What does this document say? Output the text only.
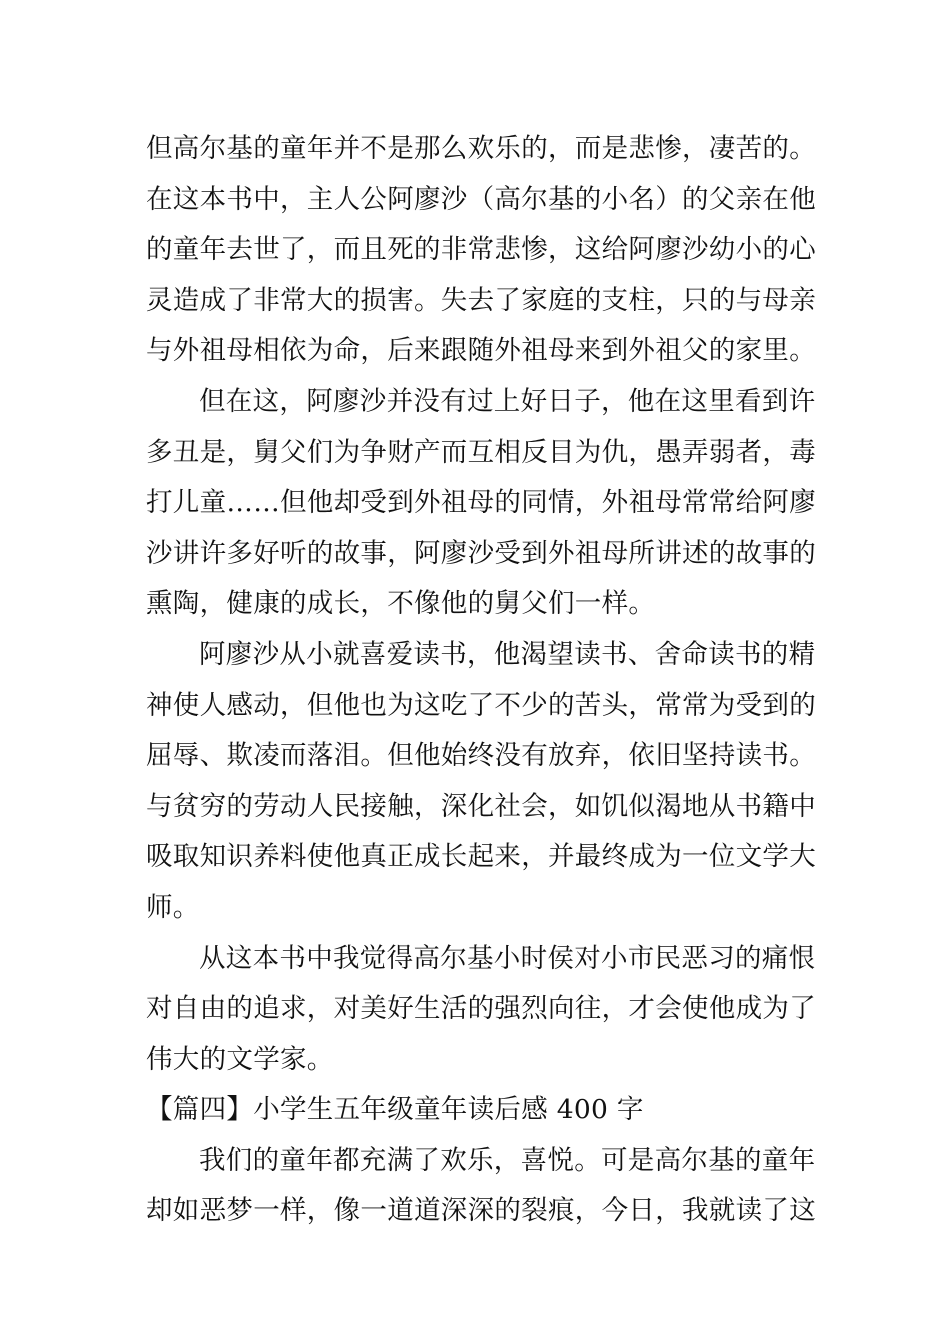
但高尔基的童年并不是那么欢乐的，而是悲惨，凄苦的。
在这本书中，主人公阿廖沙（高尔基的小名）的父亲在他
的童年去世了，而且死的非常悲惨，这给阿廖沙幼小的心
灵造成了非常大的损害。失去了家庭的支柱，只的与母亲
与外祖母相依为命，后来跟随外祖母来到外祖父的家里。
但在这，阿廖沙并没有过上好日子，他在这里看到许
多丑是，舅父们为争财产而互相反目为仇，愚弄弱者，毒
打儿童……但他却受到外祖母的同情，外祖母常常给阿廖
沙讲许多好听的故事，阿廖沙受到外祖母所讲述的故事的
熏陶，健康的成长，不像他的舅父们一样。
阿廖沙从小就喜爱读书，他渴望读书、舍命读书的精
神使人感动，但他也为这吃了不少的苦头，常常为受到的
屈辱、欺凌而落泪。但他始终没有放弃，依旧坚持读书。
与贫穷的劳动人民接触，深化社会，如饥似渴地从书籍中
吸取知识养料使他真正成长起来，并最终成为一位文学大
师。
从这本书中我觉得高尔基小时侯对小市民恶习的痛恨
对自由的追求，对美好生活的强烈向往，才会使他成为了
伟大的文学家。
【篇四】小学生五年级童年读后感 400 字
我们的童年都充满了欢乐，喜悦。可是高尔基的童年
却如恶梦一样，像一道道深深的裂痕，今日，我就读了这
